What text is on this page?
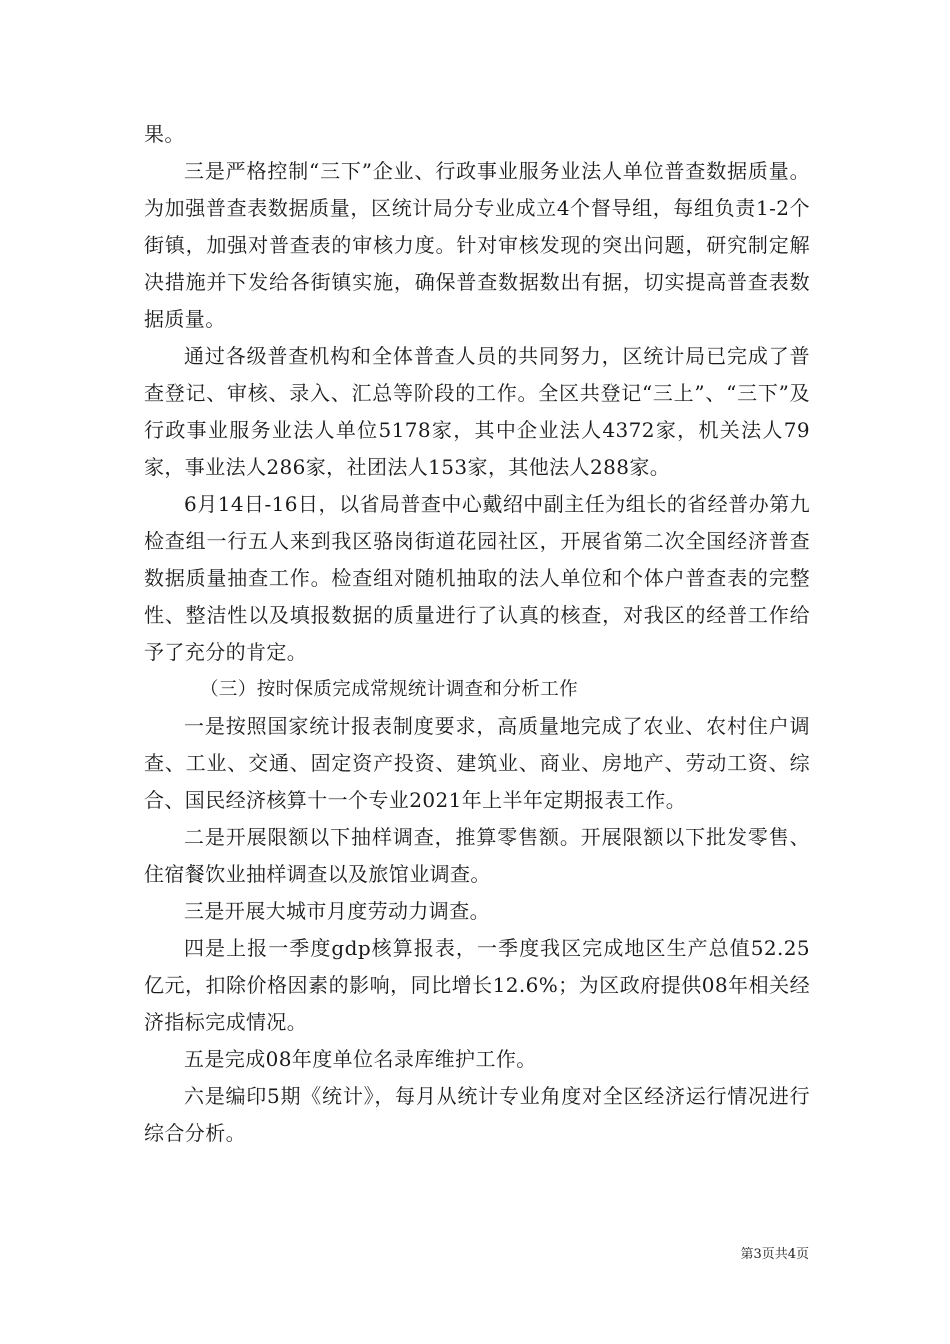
果。

三是严格控制“三下”企业、行政事业服务业法人单位普查数据质量。为加强普查表数据质量，区统计局分专业成立4个督导组，每组负责1-2个街镇，加强对普查表的审核力度。针对审核发现的突出问题，研究制定解决措施并下发给各街镇实施，确保普查数据数出有据，切实提高普查表数据质量。

通过各级普查机构和全体普查人员的共同努力，区统计局已完成了普查登记、审核、录入、汇总等阶段的工作。全区共登记“三上”、“三下”及行政事业服务业法人单位5178家，其中企业法人4372家，机关法人79家，事业法人286家，社团法人153家，其他法人288家。

6月14日-16日，以省局普查中心戴绍中副主任为组长的省经普办第九检查组一行五人来到我区骆岗街道花园社区，开展省第二次全国经济普查数据质量抽查工作。检查组对随机抽取的法人单位和个体户普查表的完整性、整洁性以及填报数据的质量进行了认真的核查，对我区的经普工作给予了充分的肯定。

（三）按时保质完成常规统计调查和分析工作

一是按照国家统计报表制度要求，高质量地完成了农业、农村住户调查、工业、交通、固定资产投资、建筑业、商业、房地产、劳动工资、综合、国民经济核算十一个专业2021年上半年定期报表工作。

二是开展限额以下抽样调查，推算零售额。开展限额以下批发零售、住宿餐饮业抽样调查以及旅馆业调查。

三是开展大城市月度劳动力调查。

四是上报一季度gdp核算报表，一季度我区完成地区生产总值52.25亿元，扣除价格因素的影响，同比增长12.6%；为区政府提供08年相关经济指标完成情况。

五是完成08年度单位名录库维护工作。

六是编印5期《统计》，每月从统计专业角度对全区经济运行情况进行综合分析。

第3页共4页
